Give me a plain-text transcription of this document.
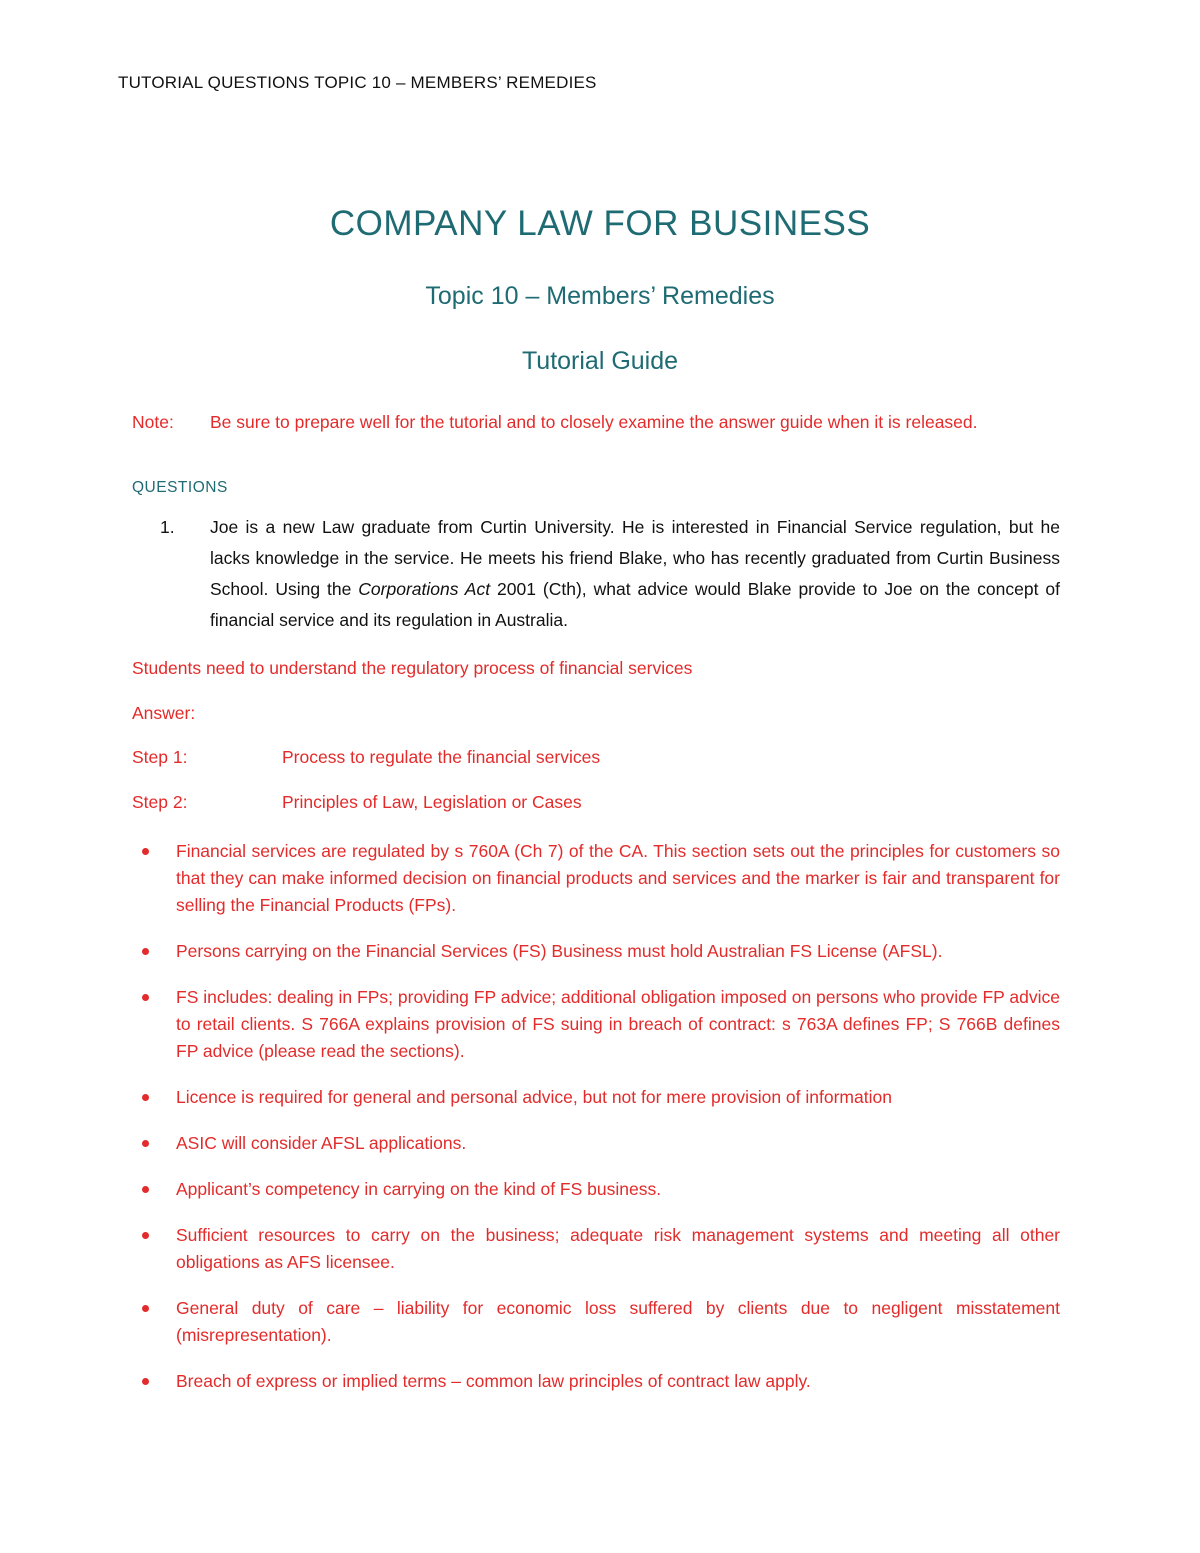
TUTORIAL QUESTIONS TOPIC 10 – MEMBERS’ REMEDIES
COMPANY LAW FOR BUSINESS
Topic 10 – Members’ Remedies
Tutorial Guide
Note: Be sure to prepare well for the tutorial and to closely examine the answer guide when it is released.
QUESTIONS
1. Joe is a new Law graduate from Curtin University. He is interested in Financial Service regulation, but he lacks knowledge in the service. He meets his friend Blake, who has recently graduated from Curtin Business School. Using the Corporations Act 2001 (Cth), what advice would Blake provide to Joe on the concept of financial service and its regulation in Australia.
Students need to understand the regulatory process of financial services
Answer:
Step 1:	Process to regulate the financial services
Step 2:	Principles of Law, Legislation or Cases
Financial services are regulated by s 760A (Ch 7) of the CA. This section sets out the principles for customers so that they can make informed decision on financial products and services and the marker is fair and transparent for selling the Financial Products (FPs).
Persons carrying on the Financial Services (FS) Business must hold Australian FS License (AFSL).
FS includes: dealing in FPs; providing FP advice; additional obligation imposed on persons who provide FP advice to retail clients. S 766A explains provision of FS suing in breach of contract: s 763A defines FP; S 766B defines FP advice (please read the sections).
Licence is required for general and personal advice, but not for mere provision of information
ASIC will consider AFSL applications.
Applicant’s competency in carrying on the kind of FS business.
Sufficient resources to carry on the business; adequate risk management systems and meeting all other obligations as AFS licensee.
General duty of care – liability for economic loss suffered by clients due to negligent misstatement (misrepresentation).
Breach of express or implied terms – common law principles of contract law apply.
